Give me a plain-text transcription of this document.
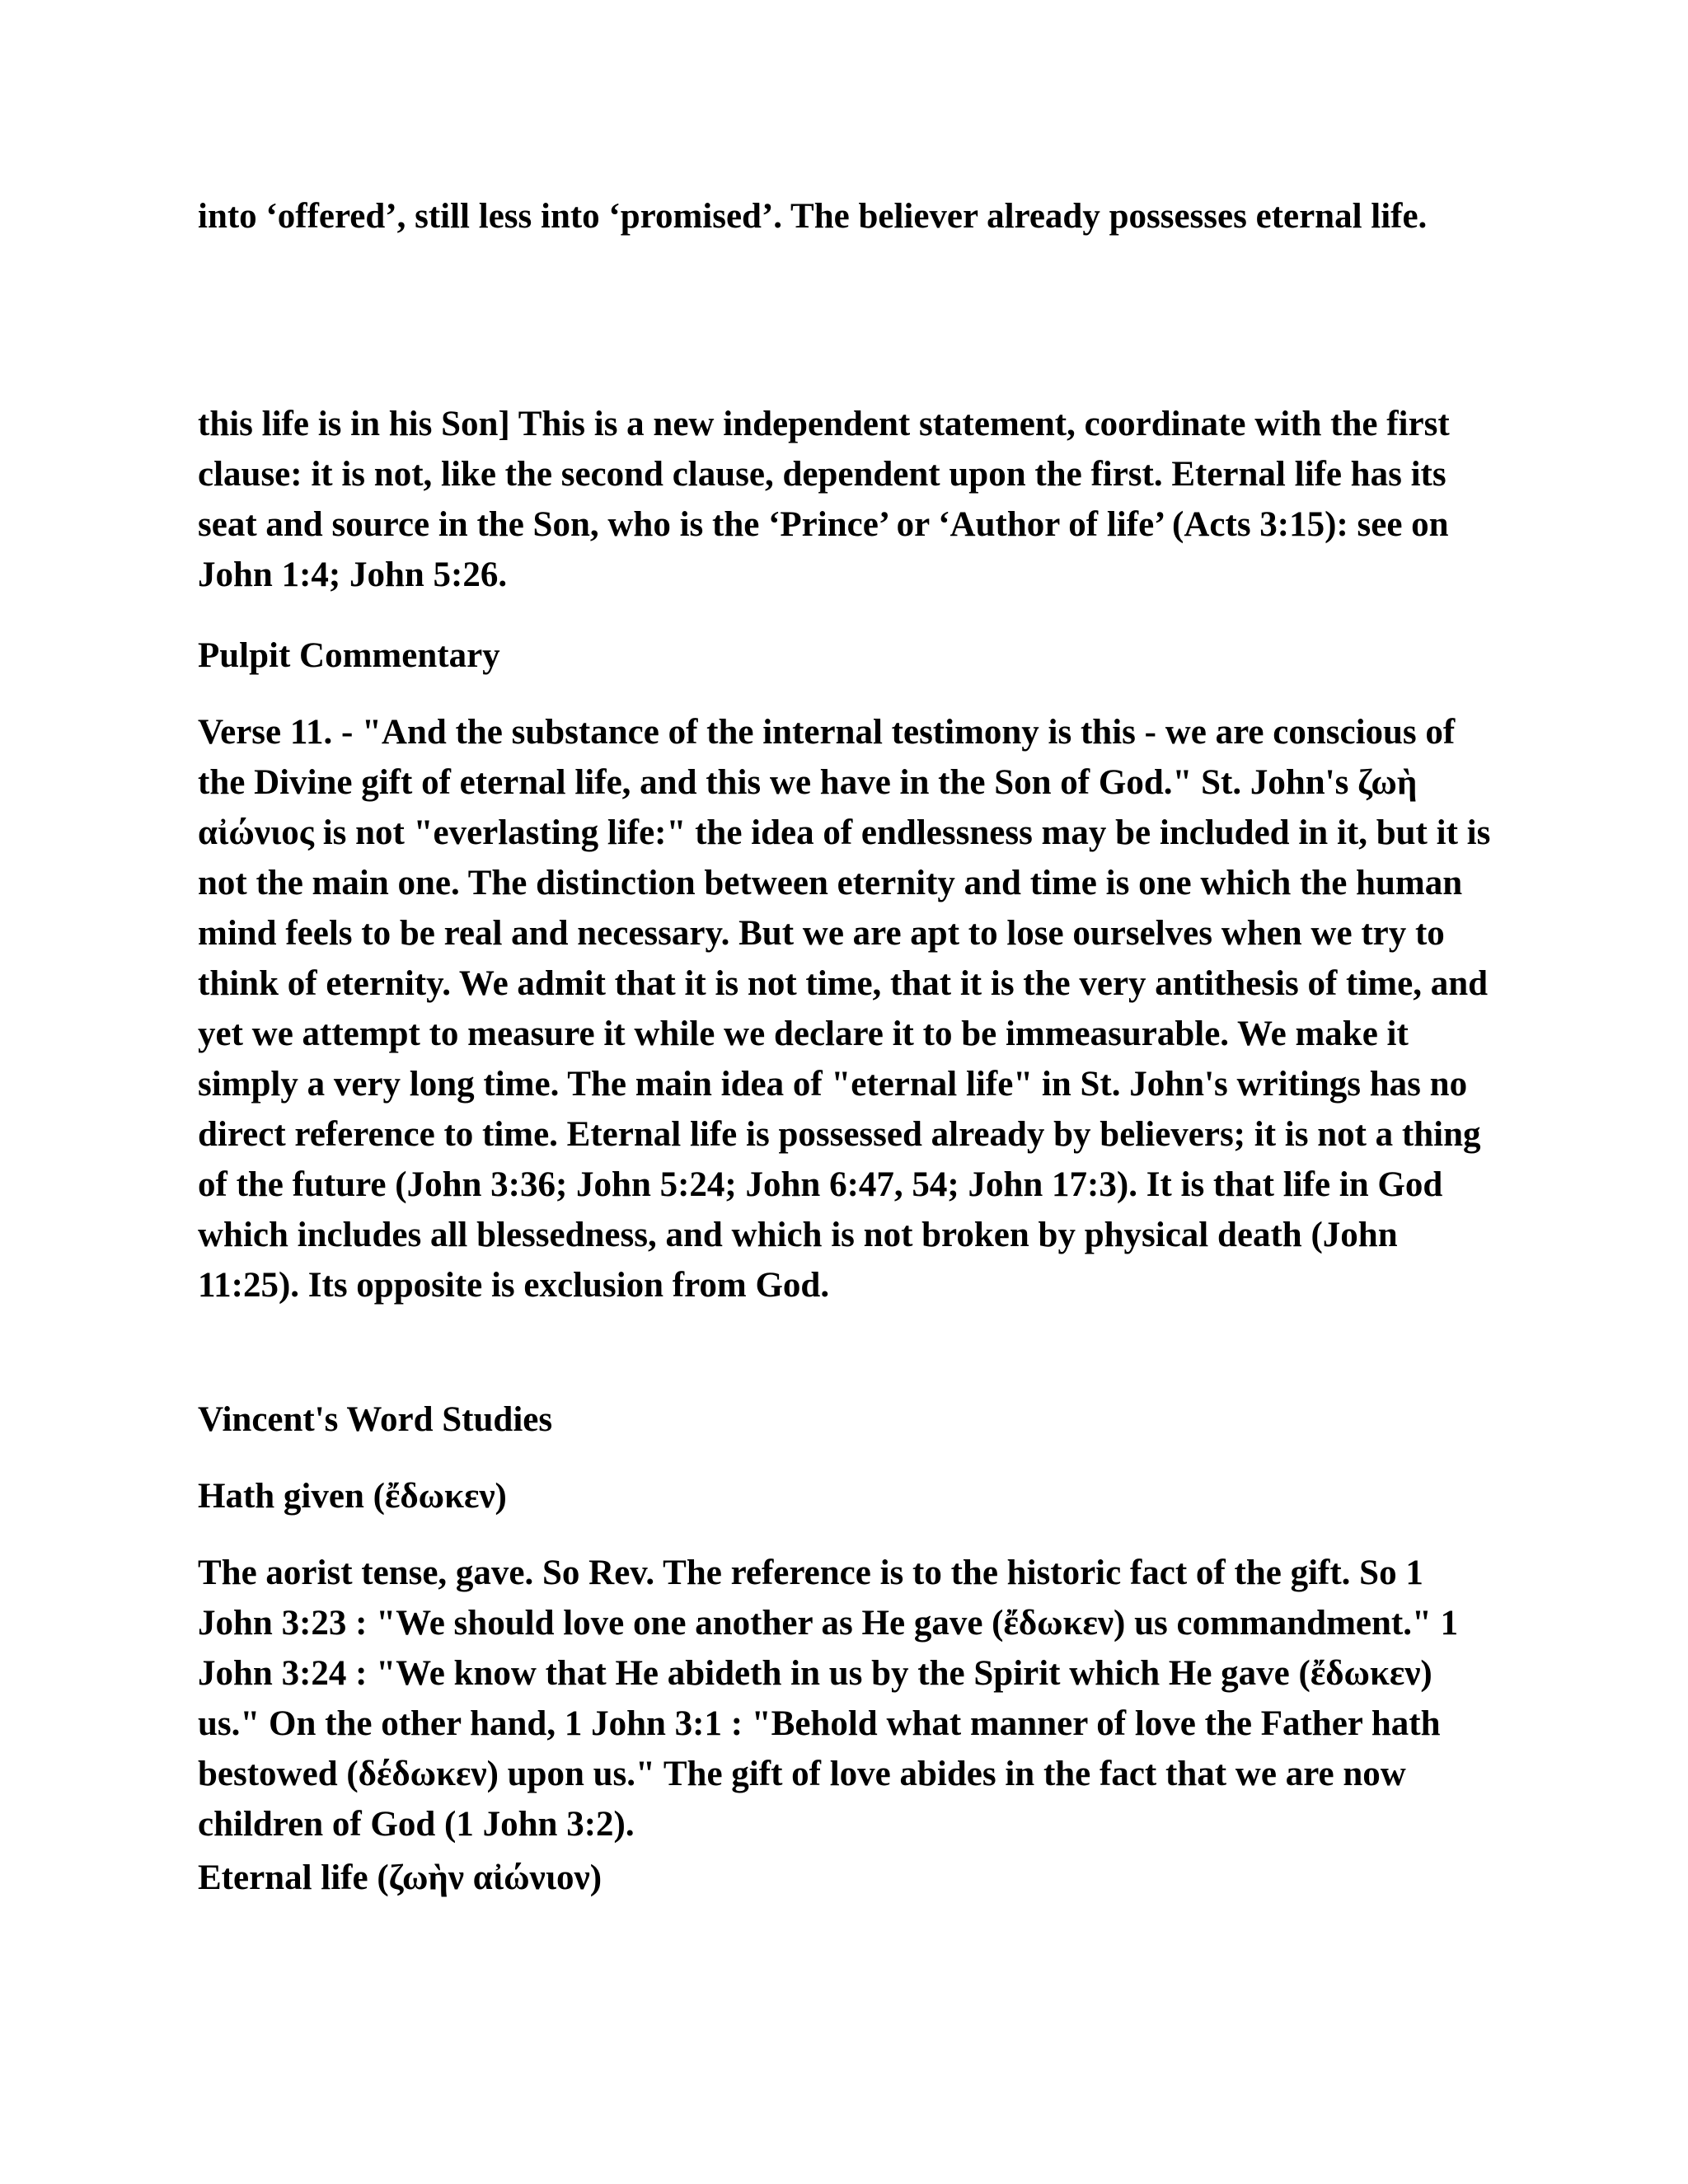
into ‘offered’, still less into ‘promised’. The believer already possesses eternal life.

this life is in his Son] This is a new independent statement, coordinate with the first clause: it is not, like the second clause, dependent upon the first. Eternal life has its seat and source in the Son, who is the ‘Prince’ or ‘Author of life’ (Acts 3:15): see on John 1:4; John 5:26.

Pulpit Commentary

Verse 11. - "And the substance of the internal testimony is this - we are conscious of the Divine gift of eternal life, and this we have in the Son of God." St. John's ζωὴ αἰώνιος is not "everlasting life:" the idea of endlessness may be included in it, but it is not the main one. The distinction between eternity and time is one which the human mind feels to be real and necessary. But we are apt to lose ourselves when we try to think of eternity. We admit that it is not time, that it is the very antithesis of time, and yet we attempt to measure it while we declare it to be immeasurable. We make it simply a very long time. The main idea of "eternal life" in St. John's writings has no direct reference to time. Eternal life is possessed already by believers; it is not a thing of the future (John 3:36; John 5:24; John 6:47, 54; John 17:3). It is that life in God which includes all blessedness, and which is not broken by physical death (John 11:25). Its opposite is exclusion from God.

Vincent's Word Studies

Hath given (ἔδωκεν)

The aorist tense, gave. So Rev. The reference is to the historic fact of the gift. So 1 John 3:23 : "We should love one another as He gave (ἔδωκεν) us commandment." 1 John 3:24 : "We know that He abideth in us by the Spirit which He gave (ἔδωκεν) us." On the other hand, 1 John 3:1 : "Behold what manner of love the Father hath bestowed (δέδωκεν) upon us." The gift of love abides in the fact that we are now children of God (1 John 3:2).

Eternal life (ζωὴν αἰώνιον)
